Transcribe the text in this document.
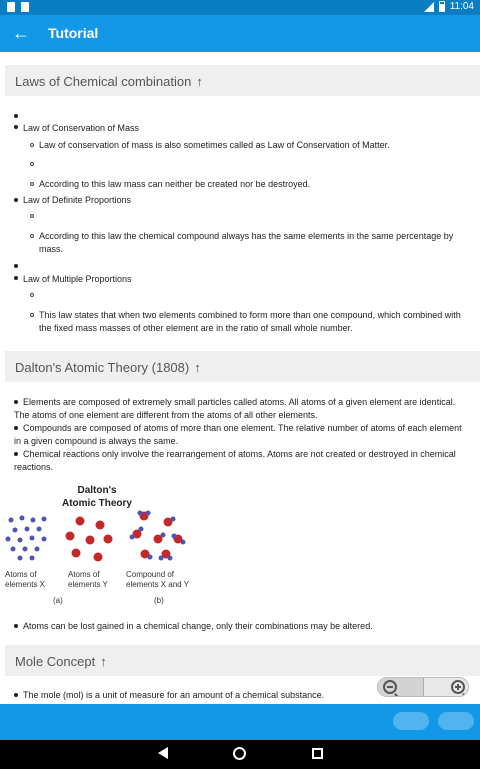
11:04
← Tutorial
Laws of Chemical combination ↑
Law of Conservation of Mass
Law of conservation of mass is also sometimes called as Law of Conservation of Matter.
According to this law mass can neither be created nor be destroyed.
Law of Definite Proportions
According to this law the chemical compound always has the same elements in the same percentage by
mass.
Law of Multiple Proportions
This law states that when two elements combined to form more than one compound, which combined with
the fixed mass masses of other element are in the ratio of small whole number.
Dalton's Atomic Theory (1808) ↑
Elements are composed of extremely small particles called atoms. All atoms of a given element are identical.
The atoms of one element are different from the atoms of all other elements.
Compounds are composed of atoms of more than one element. The relative number of atoms of each element
in a given compound is always the same.
Chemical reactions only involve the rearrangement of atoms. Atoms are not created or destroyed in chemical
reactions.
Dalton's
Atomic Theory
Atoms of
elements X
Atoms of
elements Y
Compound of
elements X and Y
(a)	(b)
Atoms can be lost gained in a chemical change, only their combinations may be altered.
Mole Concept ↑
The mole (mol) is a unit of measure for an amount of a chemical substance.
